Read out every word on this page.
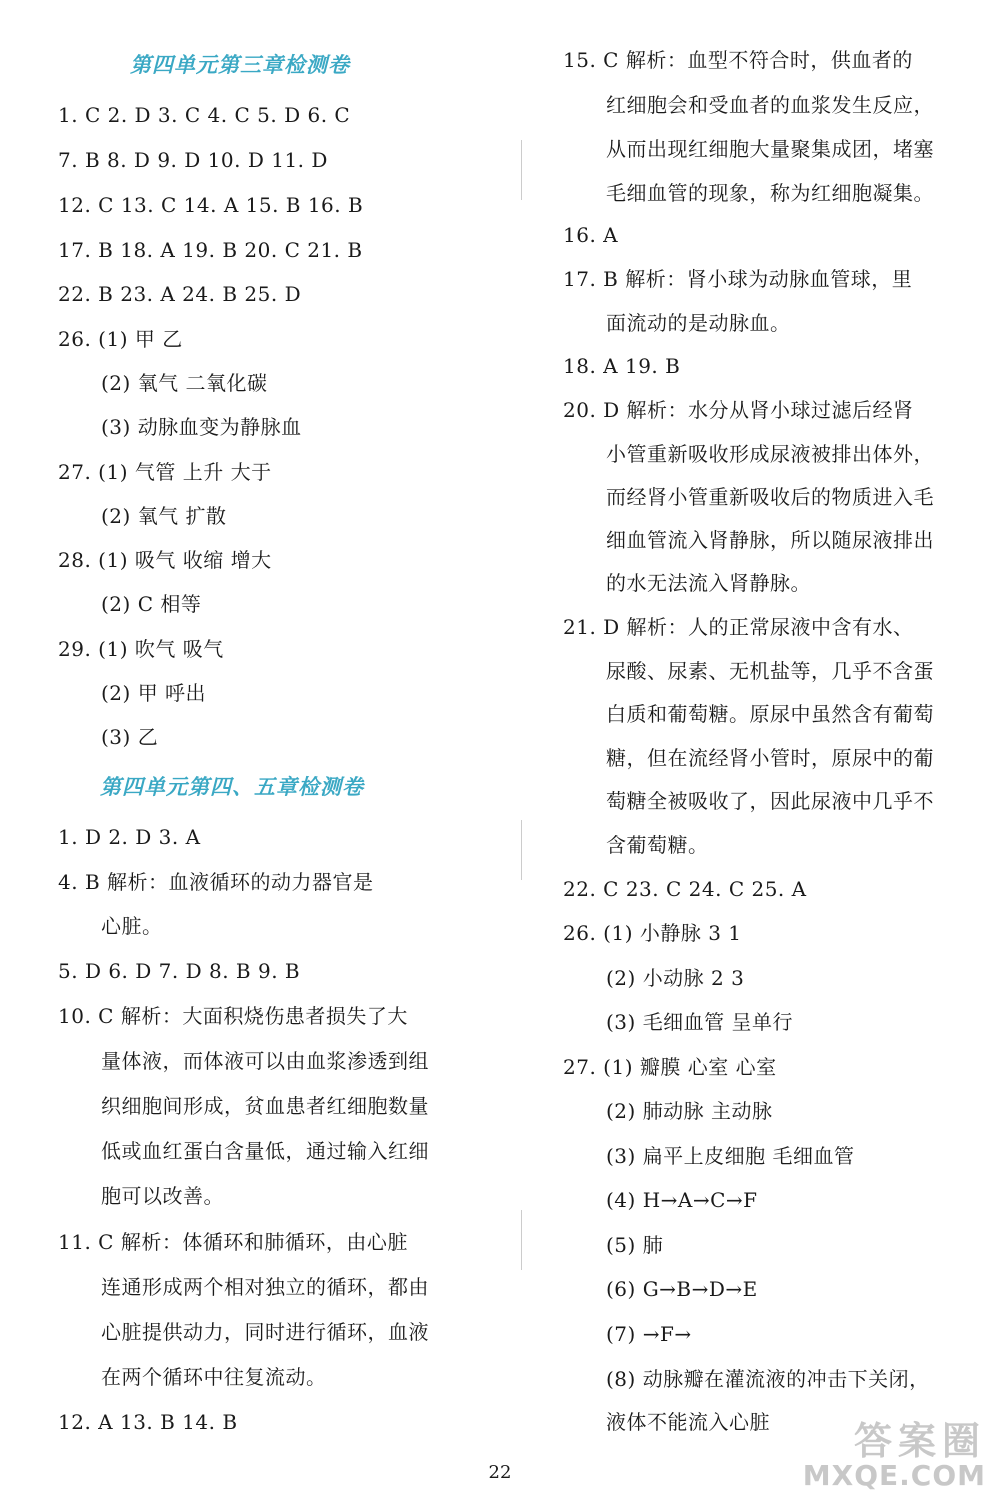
第四单元第三章检测卷
1. C 2. D 3. C 4. C 5. D 6. C
7. B 8. D 9. D 10. D 11. D
12. C 13. C 14. A 15. B 16. B
17. B 18. A 19. B 20. C 21. B
22. B 23. A 24. B 25. D
26. (1) 甲 乙
(2) 氧气 二氧化碳
(3) 动脉血变为静脉血
27. (1) 气管 上升 大于
(2) 氧气 扩散
28. (1) 吸气 收缩 增大
(2) C 相等
29. (1) 吹气 吸气
(2) 甲 呼出
(3) 乙
第四单元第四、五章检测卷
1. D 2. D 3. A
4. B 解析：血液循环的动力器官是
心脏。
5. D 6. D 7. D 8. B 9. B
10. C 解析：大面积烧伤患者损失了大
量体液，而体液可以由血浆渗透到组
织细胞间形成，贫血患者红细胞数量
低或血红蛋白含量低，通过输入红细
胞可以改善。
11. C 解析：体循环和肺循环，由心脏
连通形成两个相对独立的循环，都由
心脏提供动力，同时进行循环，血液
在两个循环中往复流动。
12. A 13. B 14. B
15. C 解析：血型不符合时，供血者的
红细胞会和受血者的血浆发生反应，
从而出现红细胞大量聚集成团，堵塞
毛细血管的现象，称为红细胞凝集。
16. A
17. B 解析：肾小球为动脉血管球，里
面流动的是动脉血。
18. A 19. B
20. D 解析：水分从肾小球过滤后经肾
小管重新吸收形成尿液被排出体外，
而经肾小管重新吸收后的物质进入毛
细血管流入肾静脉，所以随尿液排出
的水无法流入肾静脉。
21. D 解析：人的正常尿液中含有水、
尿酸、尿素、无机盐等，几乎不含蛋
白质和葡萄糖。原尿中虽然含有葡萄
糖，但在流经肾小管时，原尿中的葡
萄糖全被吸收了，因此尿液中几乎不
含葡萄糖。
22. C 23. C 24. C 25. A
26. (1) 小静脉 3 1
(2) 小动脉 2 3
(3) 毛细血管 呈单行
27. (1) 瓣膜 心室 心室
(2) 肺动脉 主动脉
(3) 扁平上皮细胞 毛细血管
(4) H→A→C→F
(5) 肺
(6) G→B→D→E
(7) →F→
(8) 动脉瓣在灌流液的冲击下关闭，
液体不能流入心脏
22
答案圈
MXQE.COM
